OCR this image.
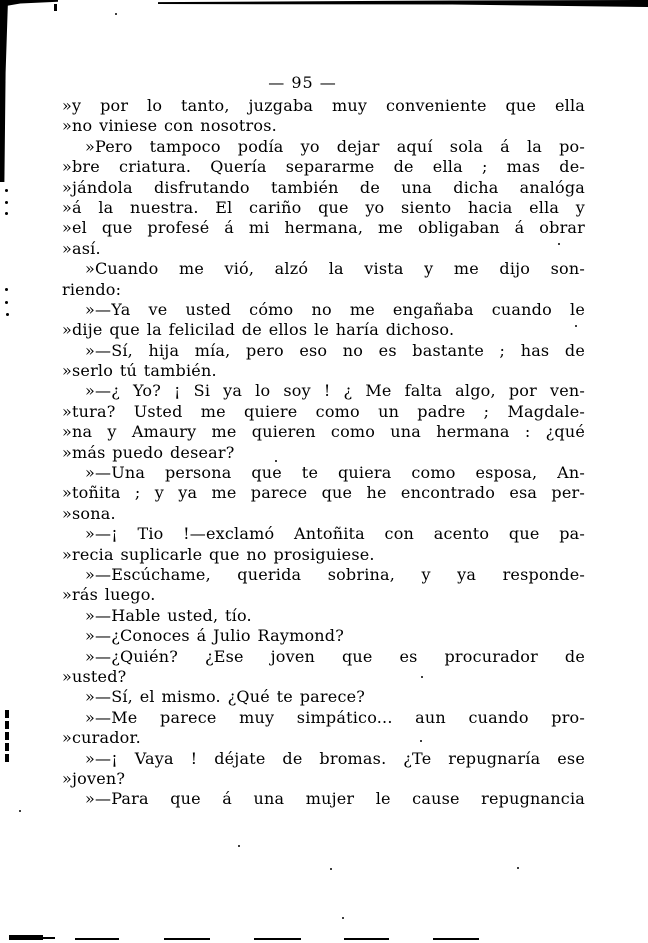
— 95 —
»y por lo tanto, juzgaba muy conveniente que ella
»no viniese con nosotros.
»Pero tampoco podía yo dejar aquí sola á la po-
»bre criatura. Quería separarme de ella ; mas de-
»jándola disfrutando también de una dicha analóga
»á la nuestra. El cariño que yo siento hacia ella y
»el que profesé á mi hermana, me obligaban á obrar
»así.
»Cuando me vió, alzó la vista y me dijo son-
riendo:
»—Ya ve usted cómo no me engañaba cuando le
»dije que la felicilad de ellos le haría dichoso.
»—Sí, hija mía, pero eso no es bastante ; has de
»serlo tú también.
»—¿ Yo? ¡ Si ya lo soy ! ¿ Me falta algo, por ven-
»tura? Usted me quiere como un padre ; Magdale-
»na y Amaury me quieren como una hermana : ¿qué
»más puedo desear?
»—Una persona que te quiera como esposa, An-
»toñita ; y ya me parece que he encontrado esa per-
»sona.
»—¡ Tio !—exclamó Antoñita con acento que pa-
»recia suplicarle que no prosiguiese.
»—Escúchame, querida sobrina, y ya responde-
»rás luego.
»—Hable usted, tío.
»—¿Conoces á Julio Raymond?
»—¿Quién? ¿Ese joven que es procurador de
»usted?
»—Sí, el mismo. ¿Qué te parece?
»—Me parece muy simpático... aun cuando pro-
»curador.
»—¡ Vaya ! déjate de bromas. ¿Te repugnaría ese
»joven?
»—Para que á una mujer le cause repugnancia
